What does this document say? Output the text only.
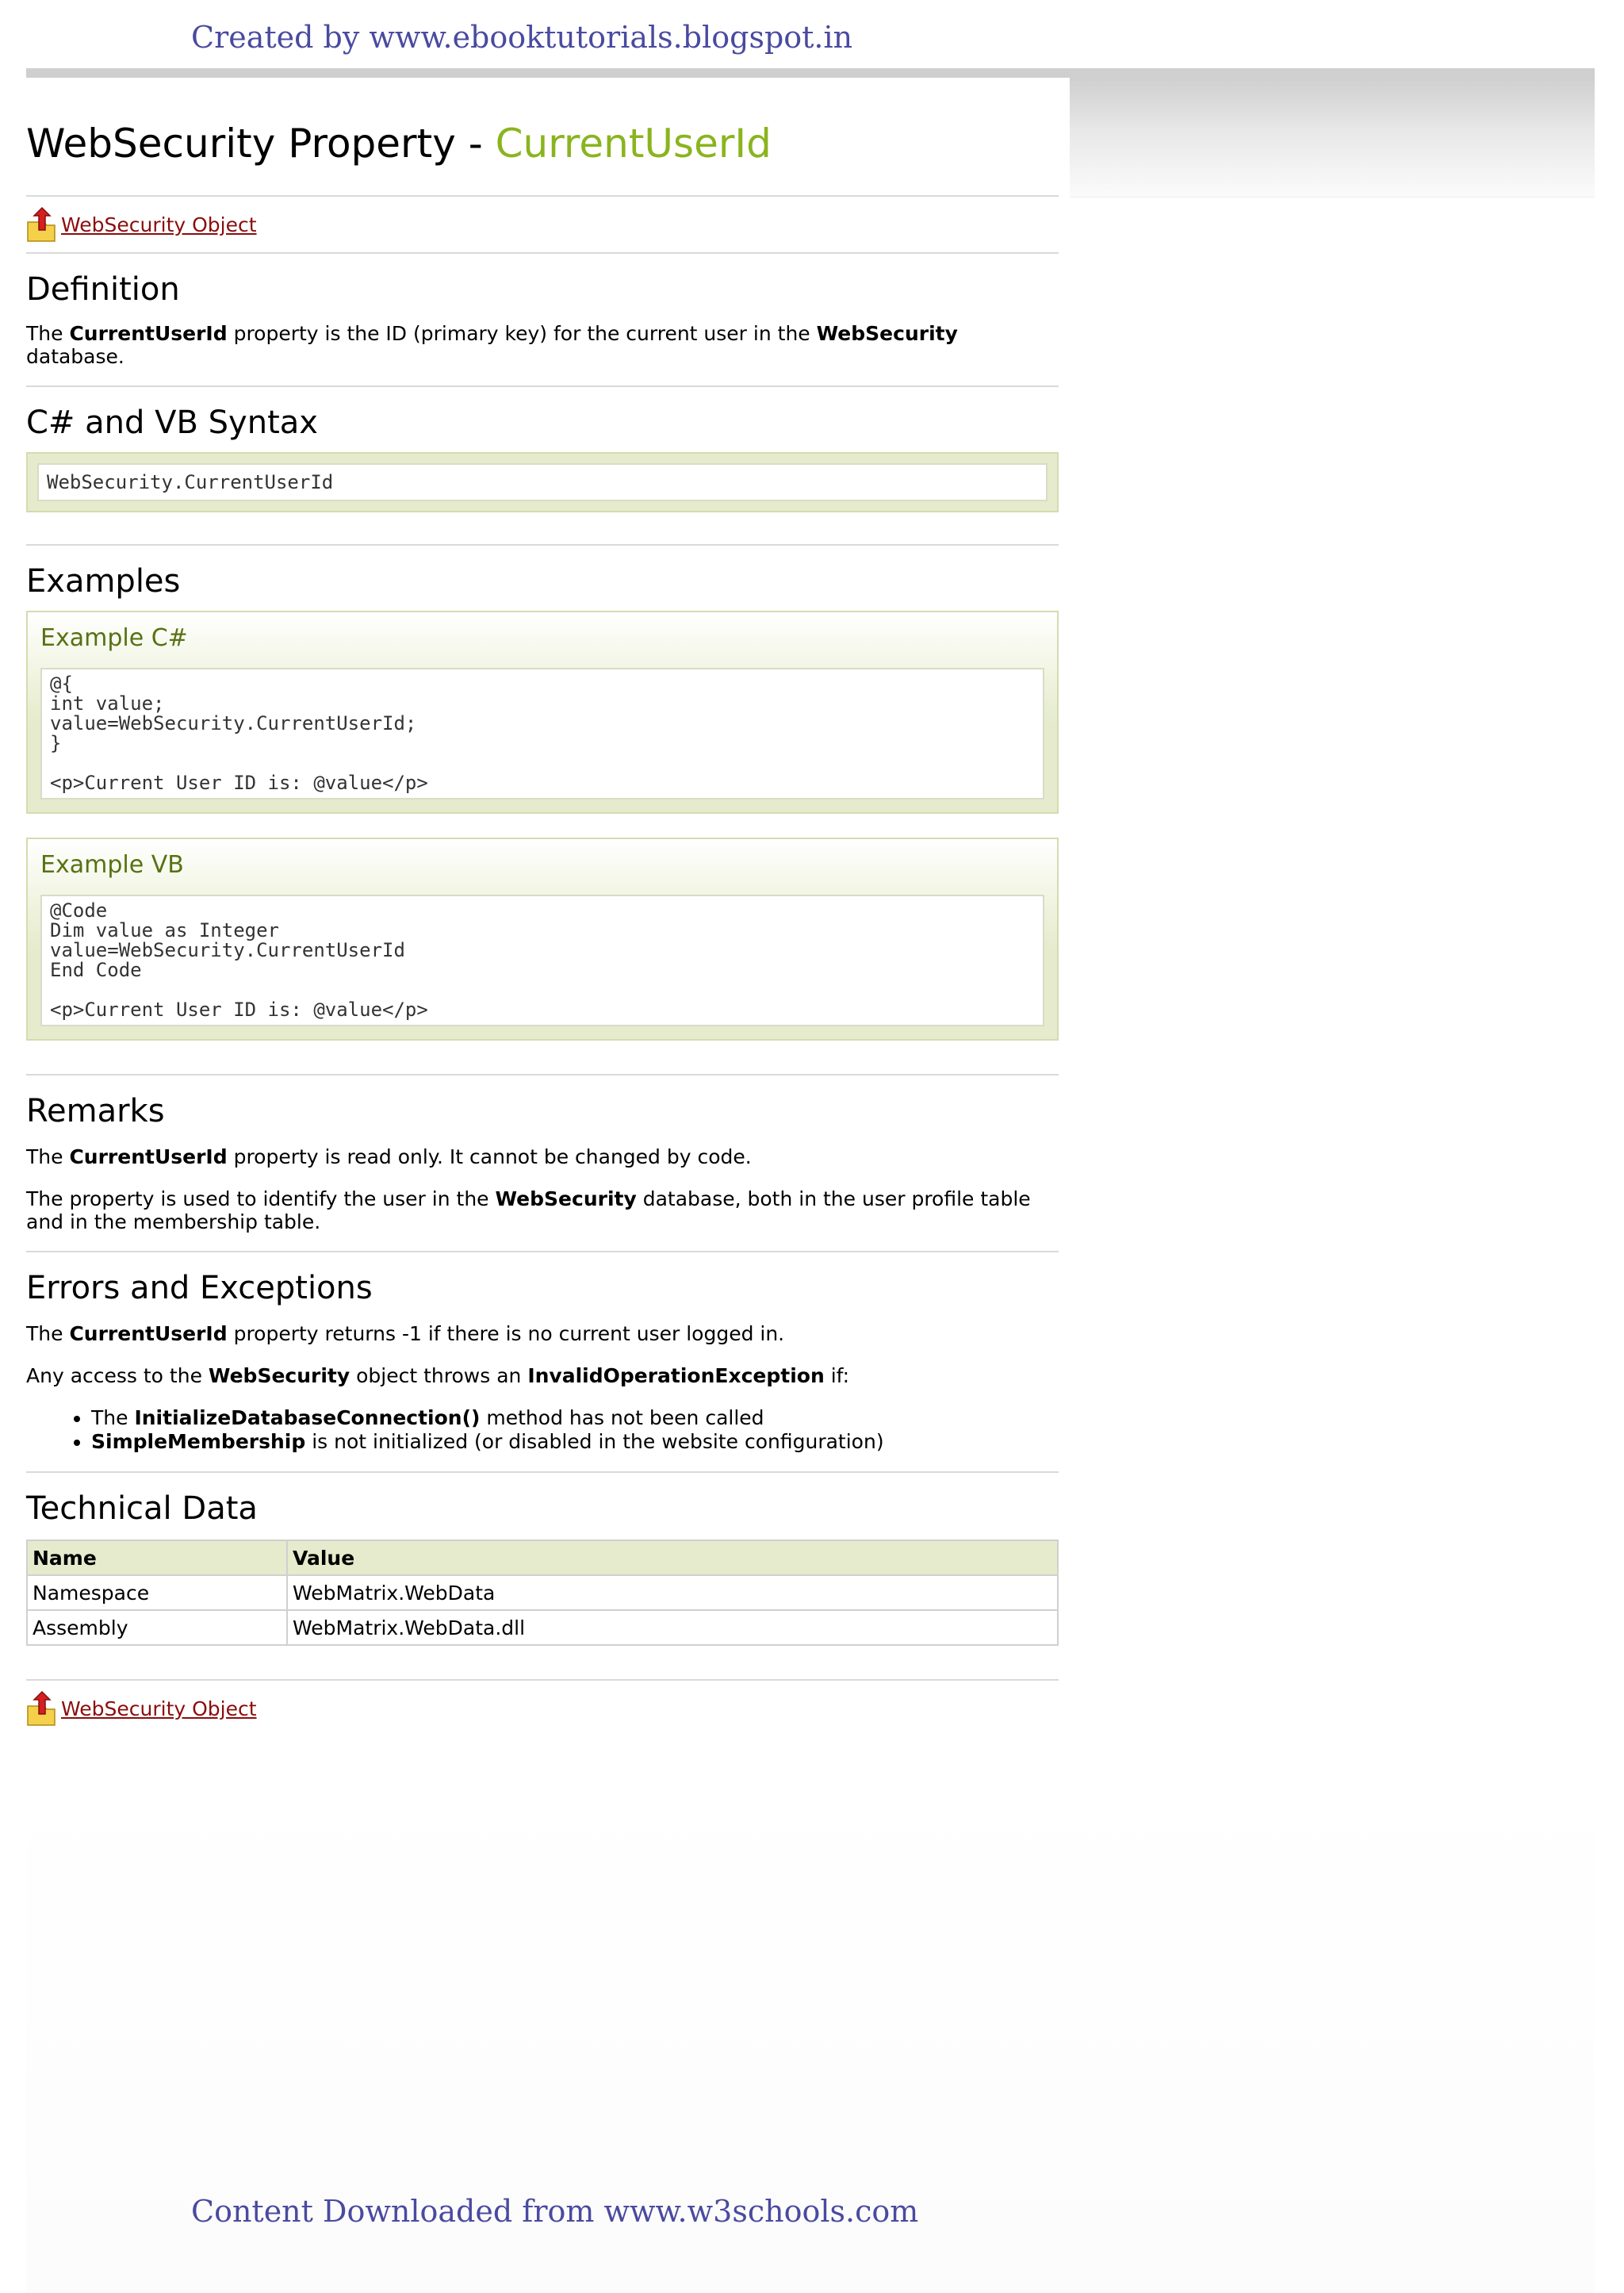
Created by www.ebooktutorials.blogspot.in
WebSecurity Property - CurrentUserId
WebSecurity Object
Definition

The CurrentUserId property is the ID (primary key) for the current user in the WebSecurity database.

C# and VB Syntax
WebSecurity.CurrentUserId
Examples
Example C#
@{
int value;
value=WebSecurity.CurrentUserId;
}

<p>Current User ID is: @value</p>
Example VB
@Code
Dim value as Integer
value=WebSecurity.CurrentUserId
End Code

<p>Current User ID is: @value</p>
Remarks

The CurrentUserId property is read only. It cannot be changed by code.

The property is used to identify the user in the WebSecurity database, both in the user profile table and in the membership table.

Errors and Exceptions

The CurrentUserId property returns -1 if there is no current user logged in.

Any access to the WebSecurity object throws an InvalidOperationException if:

• The InitializeDatabaseConnection() method has not been called
• SimpleMembership is not initialized (or disabled in the website configuration)
Technical Data
Name	Value
Namespace	WebMatrix.WebData
Assembly	WebMatrix.WebData.dll
WebSecurity Object
Content Downloaded from www.w3schools.com
